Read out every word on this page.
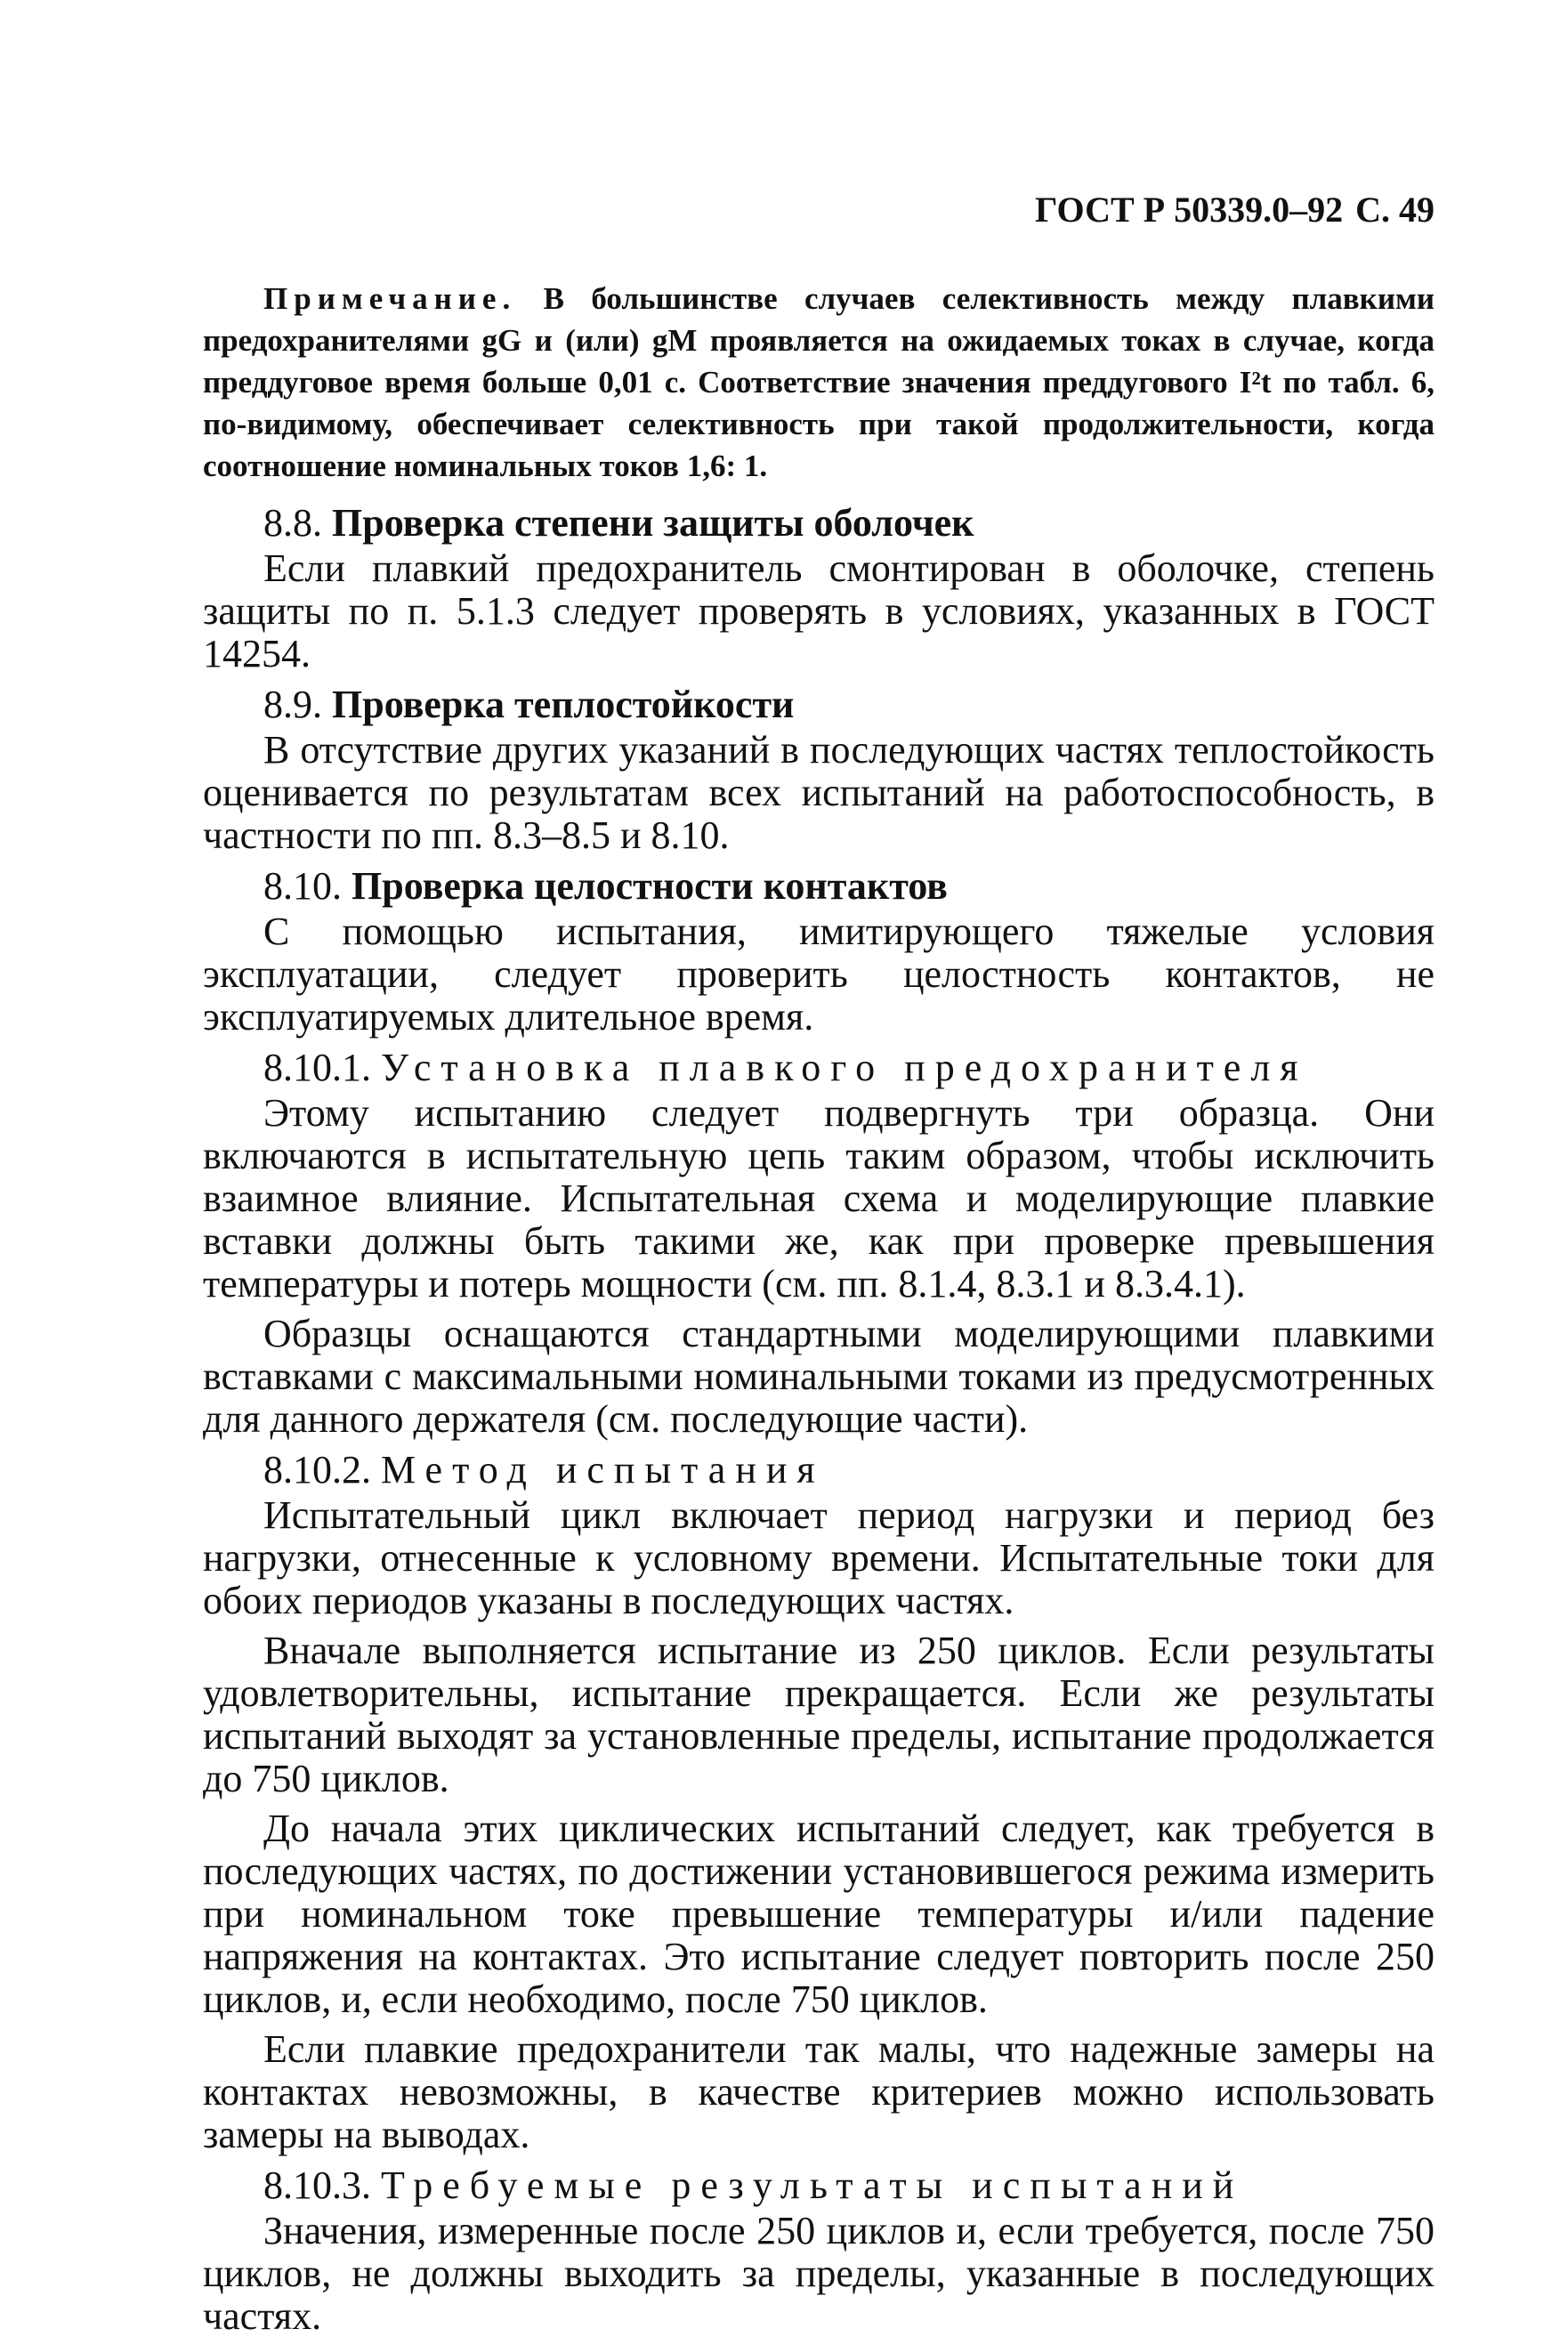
ГОСТ Р 50339.0–92 С. 49

Примечание. В большинстве случаев селективность между плавкими предохранителями gG и (или) gM проявляется на ожидаемых токах в случае, когда преддуговое время больше 0,01 с. Соответствие значения преддугового I²t по табл. 6, по-видимому, обеспечивает селективность при такой продолжительности, когда соотношение номинальных токов 1,6: 1.

8.8. Проверка степени защиты оболочек

Если плавкий предохранитель смонтирован в оболочке, степень защиты по п. 5.1.3 следует проверять в условиях, указанных в ГОСТ 14254.

8.9. Проверка теплостойкости

В отсутствие других указаний в последующих частях теплостойкость оценивается по результатам всех испытаний на работоспособность, в частности по пп. 8.3–8.5 и 8.10.

8.10. Проверка целостности контактов

С помощью испытания, имитирующего тяжелые условия эксплуатации, следует проверить целостность контактов, не эксплуатируемых длительное время.

8.10.1. Установка плавкого предохранителя

Этому испытанию следует подвергнуть три образца. Они включаются в испытательную цепь таким образом, чтобы исключить взаимное влияние. Испытательная схема и моделирующие плавкие вставки должны быть такими же, как при проверке превышения температуры и потерь мощности (см. пп. 8.1.4, 8.3.1 и 8.3.4.1).

Образцы оснащаются стандартными моделирующими плавкими вставками с максимальными номинальными токами из предусмотренных для данного держателя (см. последующие части).

8.10.2. Метод испытания

Испытательный цикл включает период нагрузки и период без нагрузки, отнесенные к условному времени. Испытательные токи для обоих периодов указаны в последующих частях.

Вначале выполняется испытание из 250 циклов. Если результаты удовлетворительны, испытание прекращается. Если же результаты испытаний выходят за установленные пределы, испытание продолжается до 750 циклов.

До начала этих циклических испытаний следует, как требуется в последующих частях, по достижении установившегося режима измерить при номинальном токе превышение температуры и/или падение напряжения на контактах. Это испытание следует повторить после 250 циклов, и, если необходимо, после 750 циклов.

Если плавкие предохранители так малы, что надежные замеры на контактах невозможны, в качестве критериев можно использовать замеры на выводах.

8.10.3. Требуемые результаты испытаний

Значения, измеренные после 250 циклов и, если требуется, после 750 циклов, не должны выходить за пределы, указанные в последующих частях.
